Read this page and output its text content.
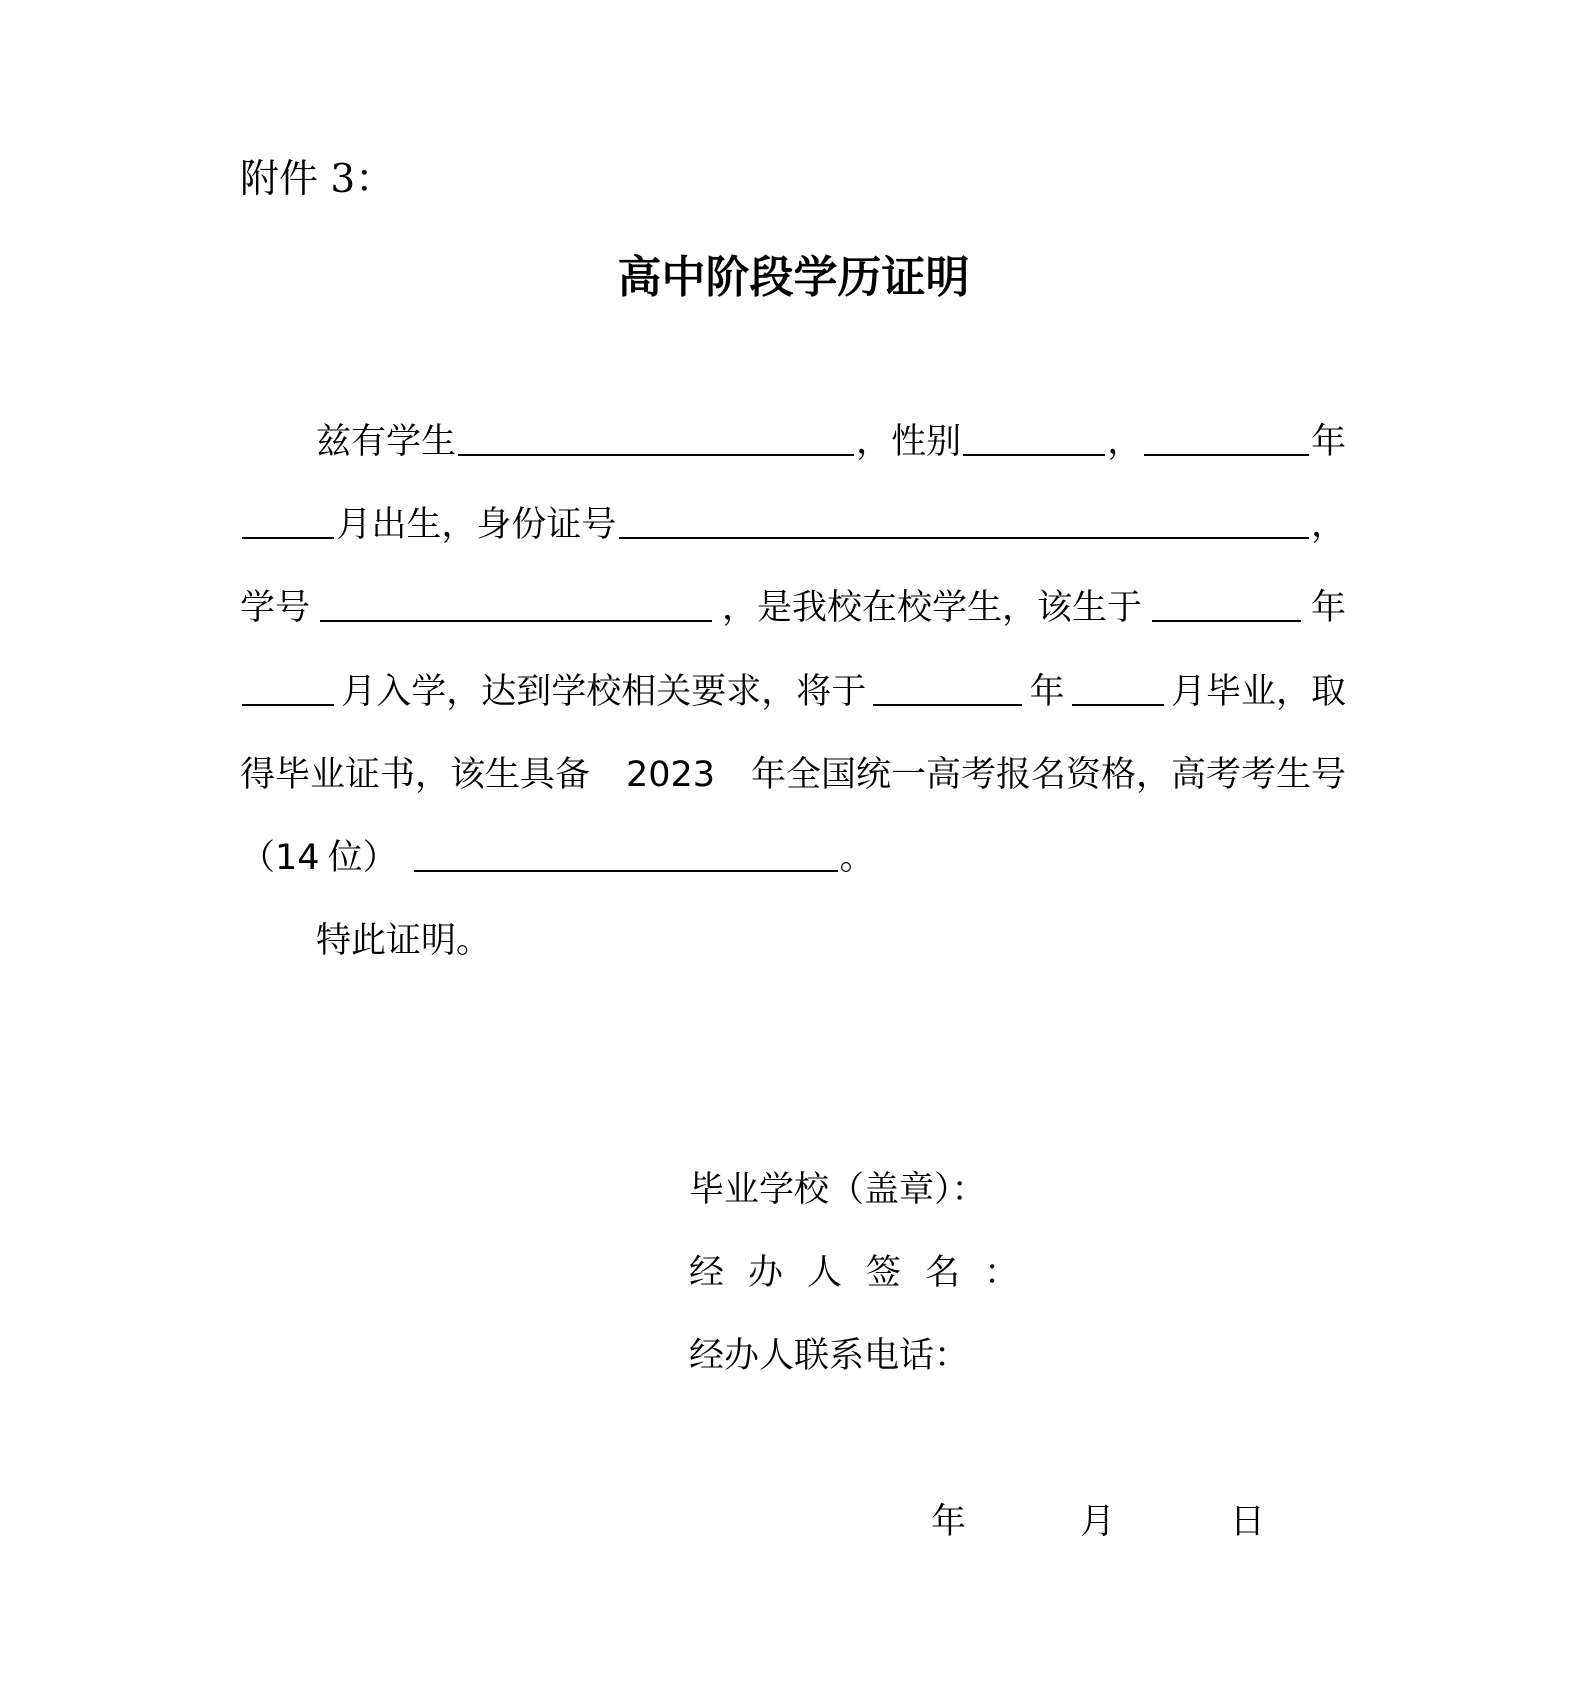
附件 3：
高中阶段学历证明
兹有学生	，性别	，	年
月出生，身份证号	，
学号	，是我校在校学生，该生于	年
月入学，达到学校相关要求，将于	年	月毕业，取
得毕业证书，该生具备 2023 年全国统一高考报名资格，高考考生号
（ 14 位）	。
特此证明。
毕业学校（盖章）：
经办人签名：
经办人联系电话：
年	月	日
